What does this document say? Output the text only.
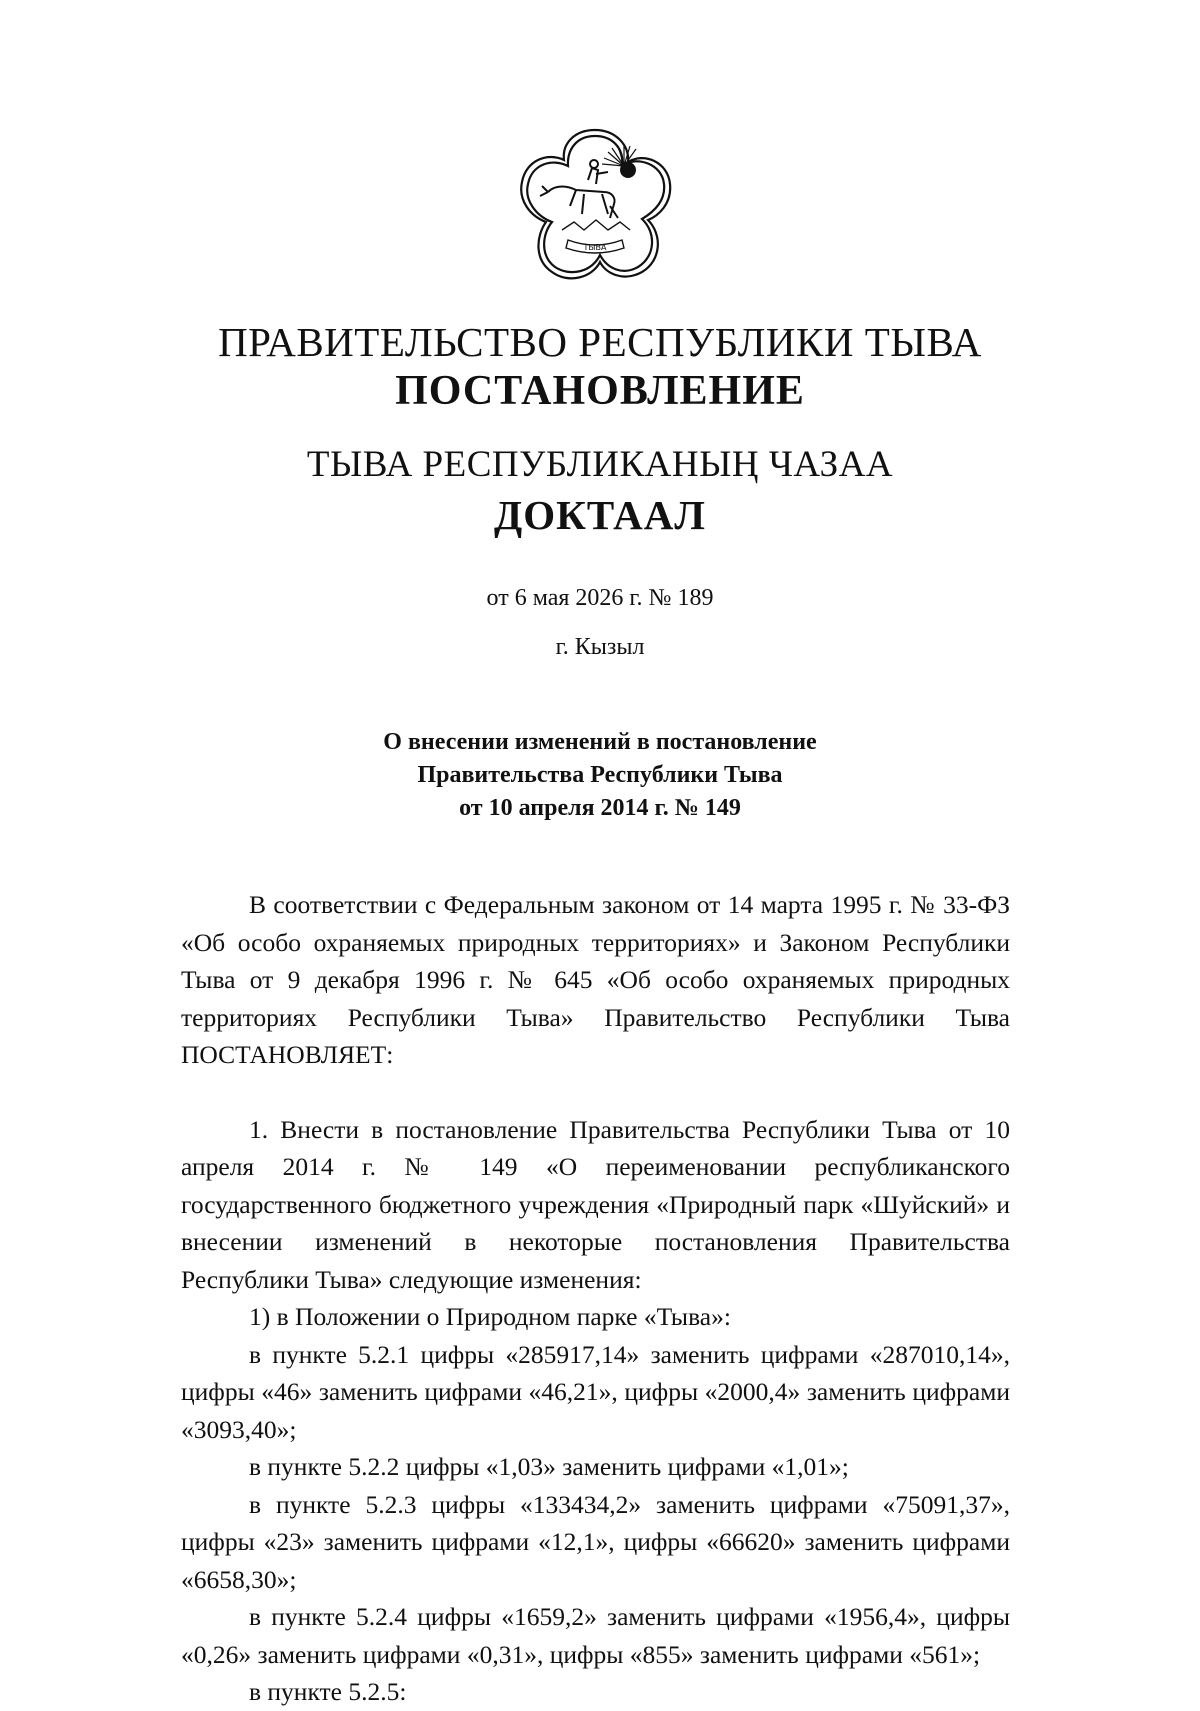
ТЫВА
ПРАВИТЕЛЬСТВО РЕСПУБЛИКИ ТЫВА
ПОСТАНОВЛЕНИЕ
ТЫВА РЕСПУБЛИКАНЫҢ ЧАЗАА
ДОКТААЛ
от 6 мая 2026 г. № 189
г. Кызыл
О внесении изменений в постановление
Правительства Республики Тыва
от 10 апреля 2014 г. № 149

В соответствии с Федеральным законом от 14 марта 1995 г. № 33-ФЗ «Об особо охраняемых природных территориях» и Законом Республики Тыва от 9 декабря 1996 г. № 645 «Об особо охраняемых природных территориях Республики Тыва» Правительство Республики Тыва ПОСТАНОВЛЯЕТ:

1. Внести в постановление Правительства Республики Тыва от 10 апреля 2014 г. № 149 «О переименовании республиканского государственного бюджетного учреждения «Природный парк «Шуйский» и внесении изменений в некоторые постановления Правительства Республики Тыва» следующие изменения:

1) в Положении о Природном парке «Тыва»:

в пункте 5.2.1 цифры «285917,14» заменить цифрами «287010,14», цифры «46» заменить цифрами «46,21», цифры «2000,4» заменить цифрами «3093,40»;

в пункте 5.2.2 цифры «1,03» заменить цифрами «1,01»;

в пункте 5.2.3 цифры «133434,2» заменить цифрами «75091,37», цифры «23» заменить цифрами «12,1», цифры «66620» заменить цифрами «6658,30»;

в пункте 5.2.4 цифры «1659,2» заменить цифрами «1956,4», цифры «0,26» заменить цифрами «0,31», цифры «855» заменить цифрами «561»;

в пункте 5.2.5:
